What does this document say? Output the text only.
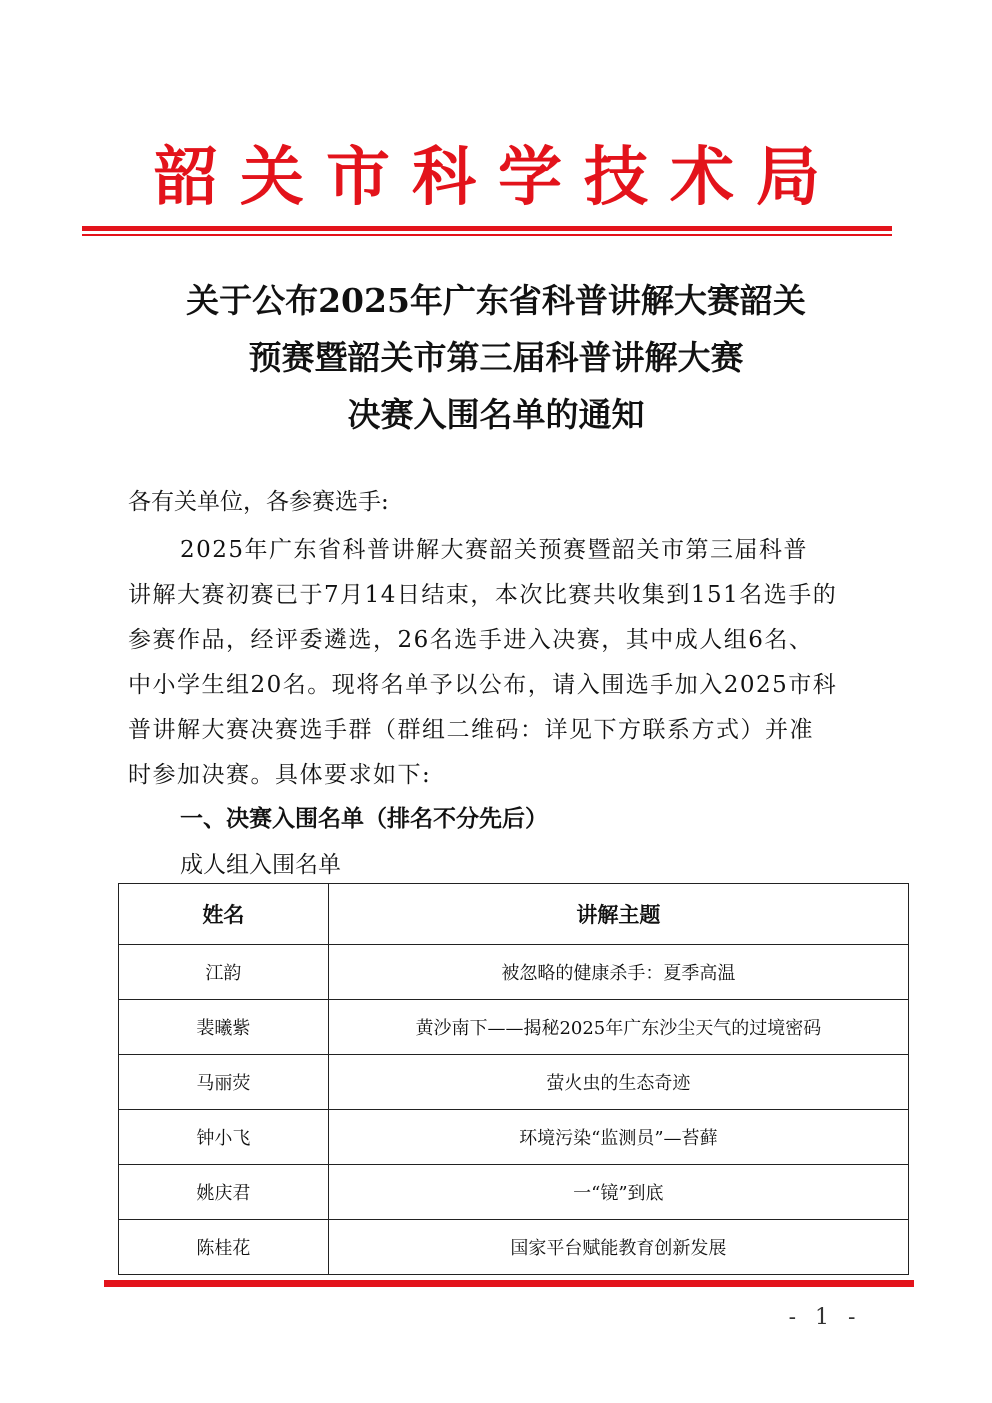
韶 关 市 科 学 技 术 局
关于公布2025年广东省科普讲解大赛韶关
预赛暨韶关市第三届科普讲解大赛
决赛入围名单的通知
各有关单位，各参赛选手:
2025年广东省科普讲解大赛韶关预赛暨韶关市第三届科普
讲解大赛初赛已于7月14日结束，本次比赛共收集到151名选手的
参赛作品，经评委遴选，26名选手进入决赛，其中成人组6名、
中小学生组20名。现将名单予以公布，请入围选手加入2025市科
普讲解大赛决赛选手群（群组二维码：详见下方联系方式）并准
时参加决赛。具体要求如下:
一、决赛入围名单（排名不分先后）
成人组入围名单
姓名	讲解主题
江韵	被忽略的健康杀手：夏季高温
裴曦紫	黄沙南下——揭秘2025年广东沙尘天气的过境密码
马丽荧	萤火虫的生态奇迹
钟小飞	环境污染“监测员”—苔藓
姚庆君	一“镜”到底
陈桂花	国家平台赋能教育创新发展
- 1 -
